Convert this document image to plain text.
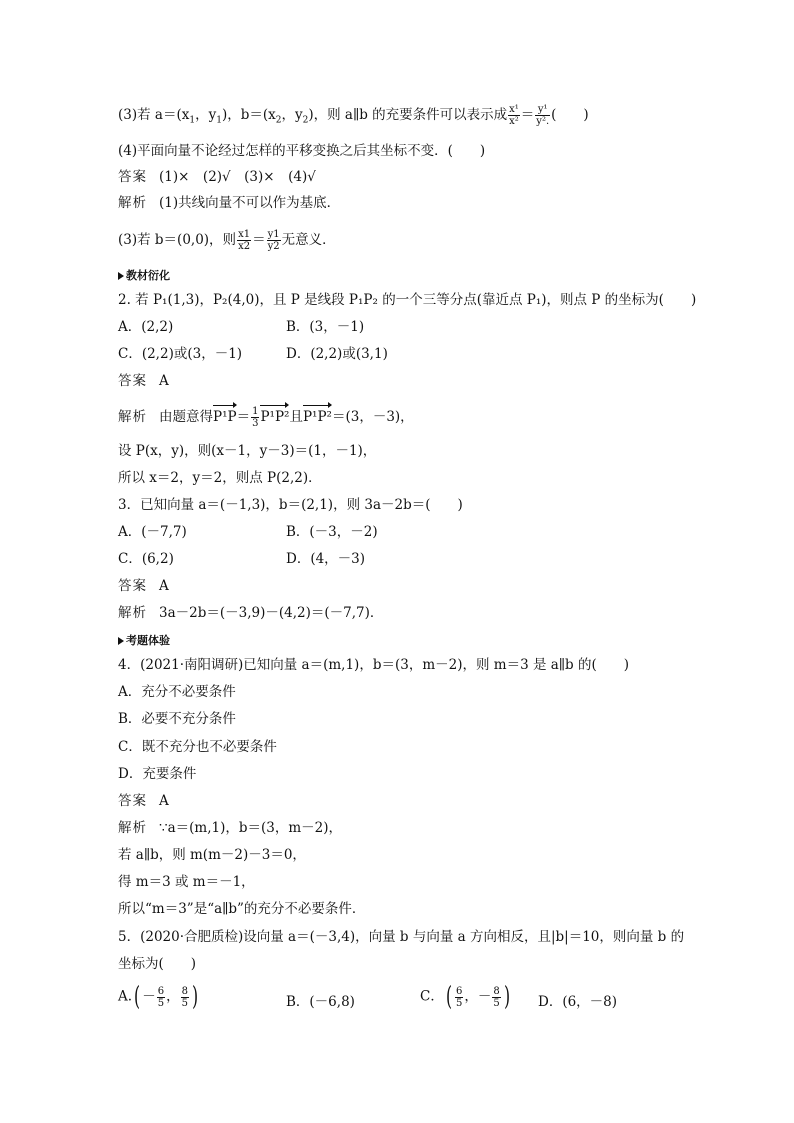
(3)若 $a=(x_1$，$y_1$)，$b=(x_2$，$y_2$)，则 a∥b 的充要条件可以表示成 $\frac{\text{x¹}}{\text{x²}} = \frac{\text{y¹}}{\text{y².}}$ (　　)
(4)平面向量不论经过怎样的平移变换之后其坐标不变．(　　)
答案 (1)×　(2)√　(3)×　(4)√
解析 (1)共线向量不可以作为基底．
(3)若 b＝(0,0)，则 $\frac{x1}{x2} = \frac{y1}{y2}$ 无意义．
教材衍化
2. 若 P₁(1,3)，P₂(4,0)，且 P 是线段 P₁P₂ 的一个三等分点(靠近点 P₁)，则点 P 的坐标为(　　)
A．(2,2)	B．(3，－1)
C．(2,2)或(3，－1)	D．(2,2)或(3,1)
答案 A
解析 由题意得$P^1P= \frac{1}{3} P^1P^2$且P¹P²＝(3，－3)，
设 P(x，y)，则(x－1，y－3)＝(1，－1)，
所以 x＝2，y＝2，则点 P(2,2)．
3．已知向量 a＝(－1,3)，b＝(2,1)，则 3a－2b＝(　　)
A．(－7,7)	B．(－3，－2)
C．(6,2)	D．(4，－3)
答案 A
解析 3a－2b＝(－3,9)－(4,2)＝(－7,7)．
考题体验
4．(2021·南阳调研)已知向量 a＝(m,1)，b＝(3，m－2)，则 m＝3 是 a∥b 的(　　)
A．充分不必要条件
B．必要不充分条件
C．既不充分也不必要条件
D．充要条件
答案 A
解析 ∵a＝(m,1)，b＝(3，m－2)，
若 a∥b，则 m(m－2)－3＝0，
得 m＝3 或 m＝－1，
所以“m＝3”是“a∥b”的充分不必要条件．
5．(2020·合肥质检)设向量 a＝(－3,4)，向量 b 与向量 a 方向相反，且|b|＝10，则向量 b 的
坐标为(　　)
$A.( - \frac{6}{5}$ ， $\frac{8}{5}$ )	B．(－6,8)	C．( $\frac{6}{5}$ ，－ $\frac{8}{5}$ ) D．(6，－8)
